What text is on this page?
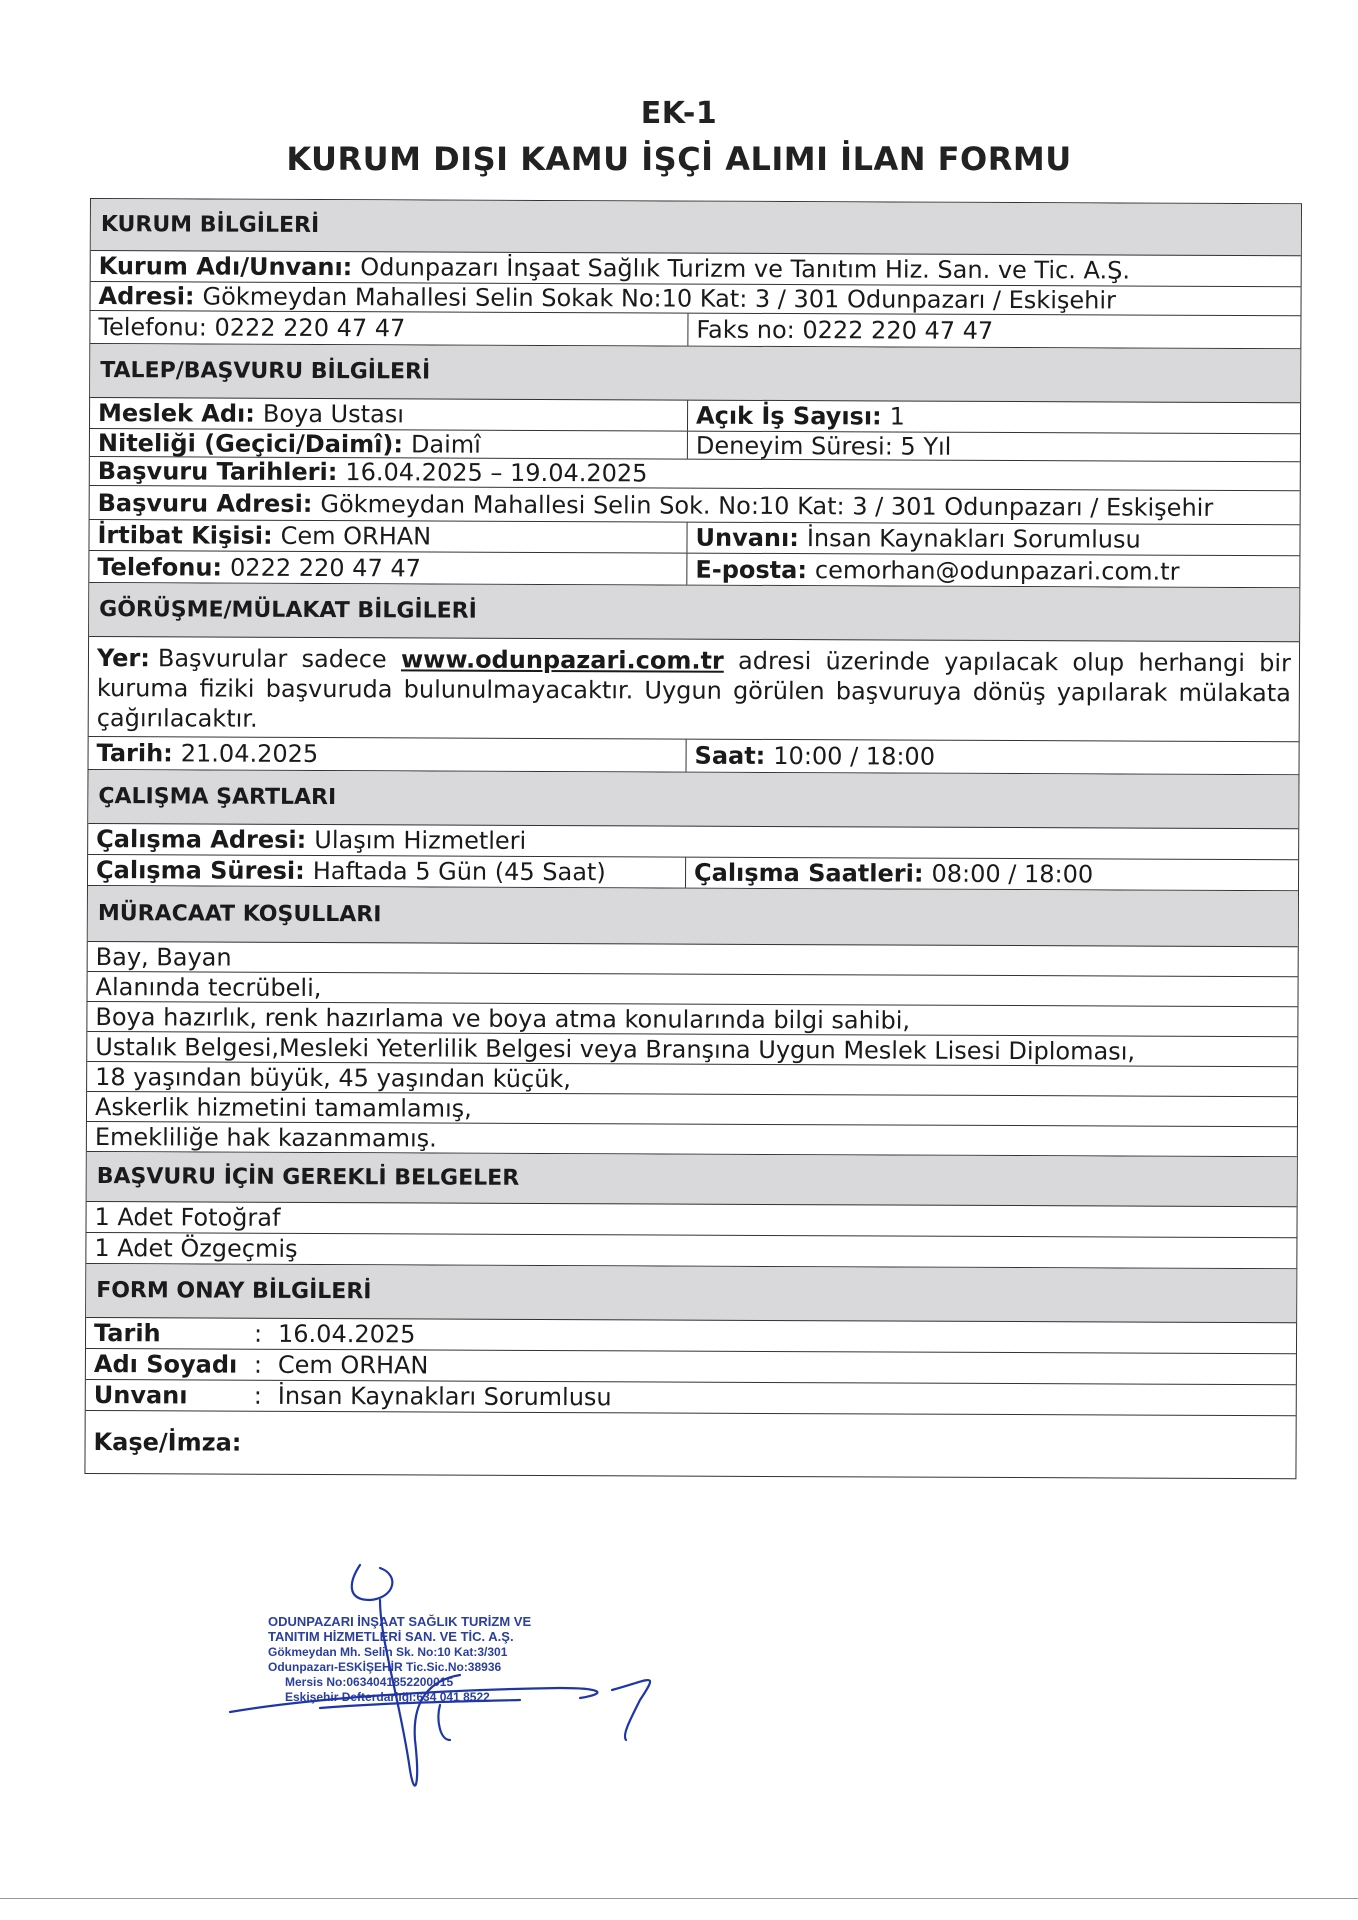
EK-1
KURUM DIŞI KAMU İŞÇİ ALIMI İLAN FORMU
KURUM BİLGİLERİ
Kurum Adı/Unvanı: Odunpazarı İnşaat Sağlık Turizm ve Tanıtım Hiz. San. ve Tic. A.Ş.
Adresi: Gökmeydan Mahallesi Selin Sokak No:10 Kat: 3 / 301 Odunpazarı / Eskişehir
Telefonu: 0222 220 47 47	Faks no: 0222 220 47 47
TALEP/BAŞVURU BİLGİLERİ
Meslek Adı: Boya Ustası	Açık İş Sayısı: 1
Niteliği (Geçici/Daimî): Daimî	Deneyim Süresi: 5 Yıl
Başvuru Tarihleri: 16.04.2025 – 19.04.2025
Başvuru Adresi: Gökmeydan Mahallesi Selin Sok. No:10 Kat: 3 / 301 Odunpazarı / Eskişehir
İrtibat Kişisi: Cem ORHAN	Unvanı: İnsan Kaynakları Sorumlusu
Telefonu: 0222 220 47 47	E-posta: cemorhan@odunpazari.com.tr
GÖRÜŞME/MÜLAKAT BİLGİLERİ
Yer: Başvurular sadece www.odunpazari.com.tr adresi üzerinde yapılacak olup herhangi bir kuruma fiziki başvuruda bulunulmayacaktır. Uygun görülen başvuruya dönüş yapılarak mülakata çağırılacaktır.
Tarih: 21.04.2025	Saat: 10:00 / 18:00
ÇALIŞMA ŞARTLARI
Çalışma Adresi: Ulaşım Hizmetleri
Çalışma Süresi: Haftada 5 Gün (45 Saat)	Çalışma Saatleri: 08:00 / 18:00
MÜRACAAT KOŞULLARI
Bay, Bayan
Alanında tecrübeli,
Boya hazırlık, renk hazırlama ve boya atma konularında bilgi sahibi,
Ustalık Belgesi,Mesleki Yeterlilik Belgesi veya Branşına Uygun Meslek Lisesi Diploması,
18 yaşından büyük, 45 yaşından küçük,
Askerlik hizmetini tamamlamış,
Emekliliğe hak kazanmamış.
BAŞVURU İÇİN GEREKLİ BELGELER
1 Adet Fotoğraf
1 Adet Özgeçmiş
FORM ONAY BİLGİLERİ
Tarih	: 16.04.2025
Adı Soyadı : Cem ORHAN
Unvanı	: İnsan Kaynakları Sorumlusu
Kaşe/İmza:
ODUNPAZARI İNŞAAT SAĞLIK TURİZM VE
TANITIM HİZMETLERİ SAN. VE TİC. A.Ş.
Gökmeydan Mh. Selin Sk. No:10 Kat:3/301
Odunpazarı-ESKİŞEHİR Tic.Sic.No:38936
Mersis No:0634041852200015
Eskişehir Defterdarlığı:634 041 8522
